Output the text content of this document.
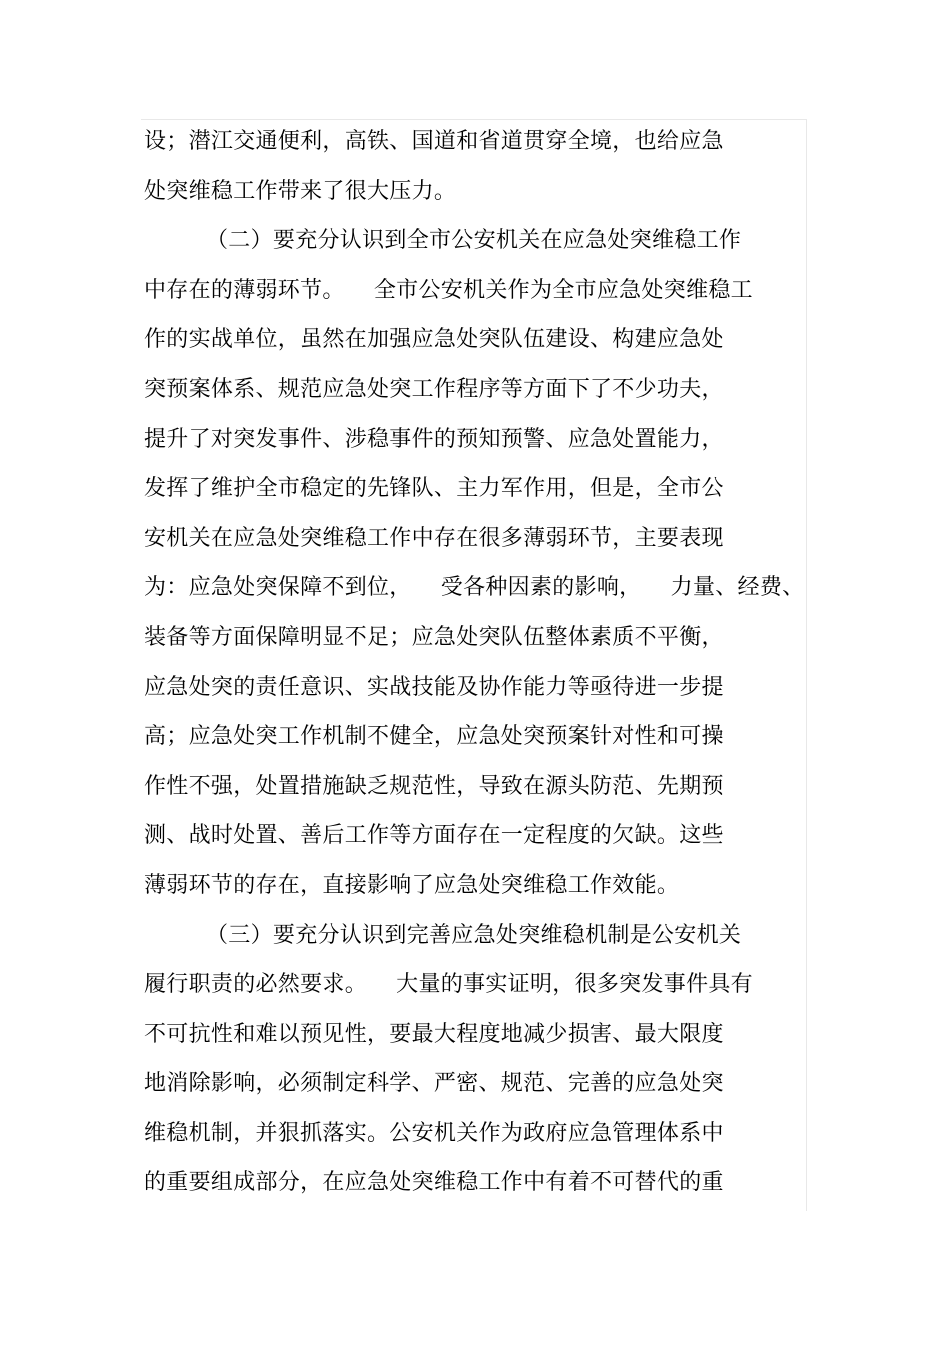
设；潜江交通便利，高铁、国道和省道贯穿全境，也给应急
处突维稳工作带来了很大压力。
（二）要充分认识到全市公安机关在应急处突维稳工作
中存在的薄弱环节。    全市公安机关作为全市应急处突维稳工
作的实战单位，虽然在加强应急处突队伍建设、构建应急处
突预案体系、规范应急处突工作程序等方面下了不少功夫，
提升了对突发事件、涉稳事件的预知预警、应急处置能力，
发挥了维护全市稳定的先锋队、主力军作用，但是，全市公
安机关在应急处突维稳工作中存在很多薄弱环节，主要表现
为：应急处突保障不到位，    受各种因素的影响，    力量、经费、
装备等方面保障明显不足；应急处突队伍整体素质不平衡，
应急处突的责任意识、实战技能及协作能力等亟待进一步提
高；应急处突工作机制不健全，应急处突预案针对性和可操
作性不强，处置措施缺乏规范性，导致在源头防范、先期预
测、战时处置、善后工作等方面存在一定程度的欠缺。这些
薄弱环节的存在，直接影响了应急处突维稳工作效能。
（三）要充分认识到完善应急处突维稳机制是公安机关
履行职责的必然要求。    大量的事实证明，很多突发事件具有
不可抗性和难以预见性，要最大程度地减少损害、最大限度
地消除影响，必须制定科学、严密、规范、完善的应急处突
维稳机制，并狠抓落实。公安机关作为政府应急管理体系中
的重要组成部分，在应急处突维稳工作中有着不可替代的重
